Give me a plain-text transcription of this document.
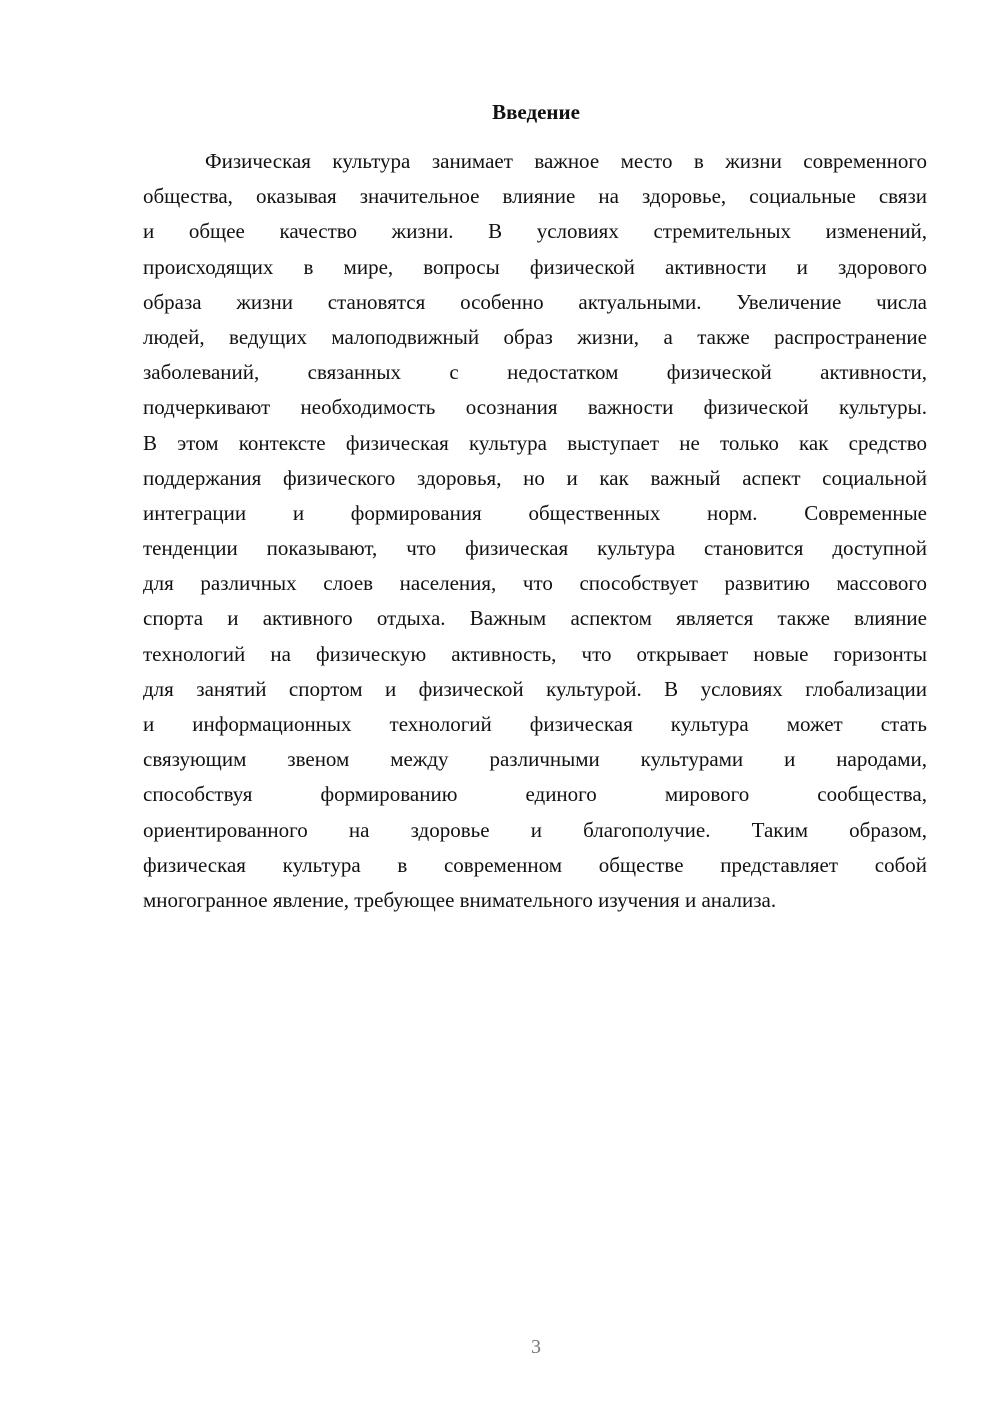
Введение
Физическая культура занимает важное место в жизни современного
общества, оказывая значительное влияние на здоровье, социальные связи
и общее качество жизни. В условиях стремительных изменений,
происходящих в мире, вопросы физической активности и здорового
образа жизни становятся особенно актуальными. Увеличение числа
людей, ведущих малоподвижный образ жизни, а также распространение
заболеваний, связанных с недостатком физической активности,
подчеркивают необходимость осознания важности физической культуры.
В этом контексте физическая культура выступает не только как средство
поддержания физического здоровья, но и как важный аспект социальной
интеграции и формирования общественных норм. Современные
тенденции показывают, что физическая культура становится доступной
для различных слоев населения, что способствует развитию массового
спорта и активного отдыха. Важным аспектом является также влияние
технологий на физическую активность, что открывает новые горизонты
для занятий спортом и физической культурой. В условиях глобализации
и информационных технологий физическая культура может стать
связующим звеном между различными культурами и народами,
способствуя формированию единого мирового сообщества,
ориентированного на здоровье и благополучие. Таким образом,
физическая культура в современном обществе представляет собой
многогранное явление, требующее внимательного изучения и анализа.
3
